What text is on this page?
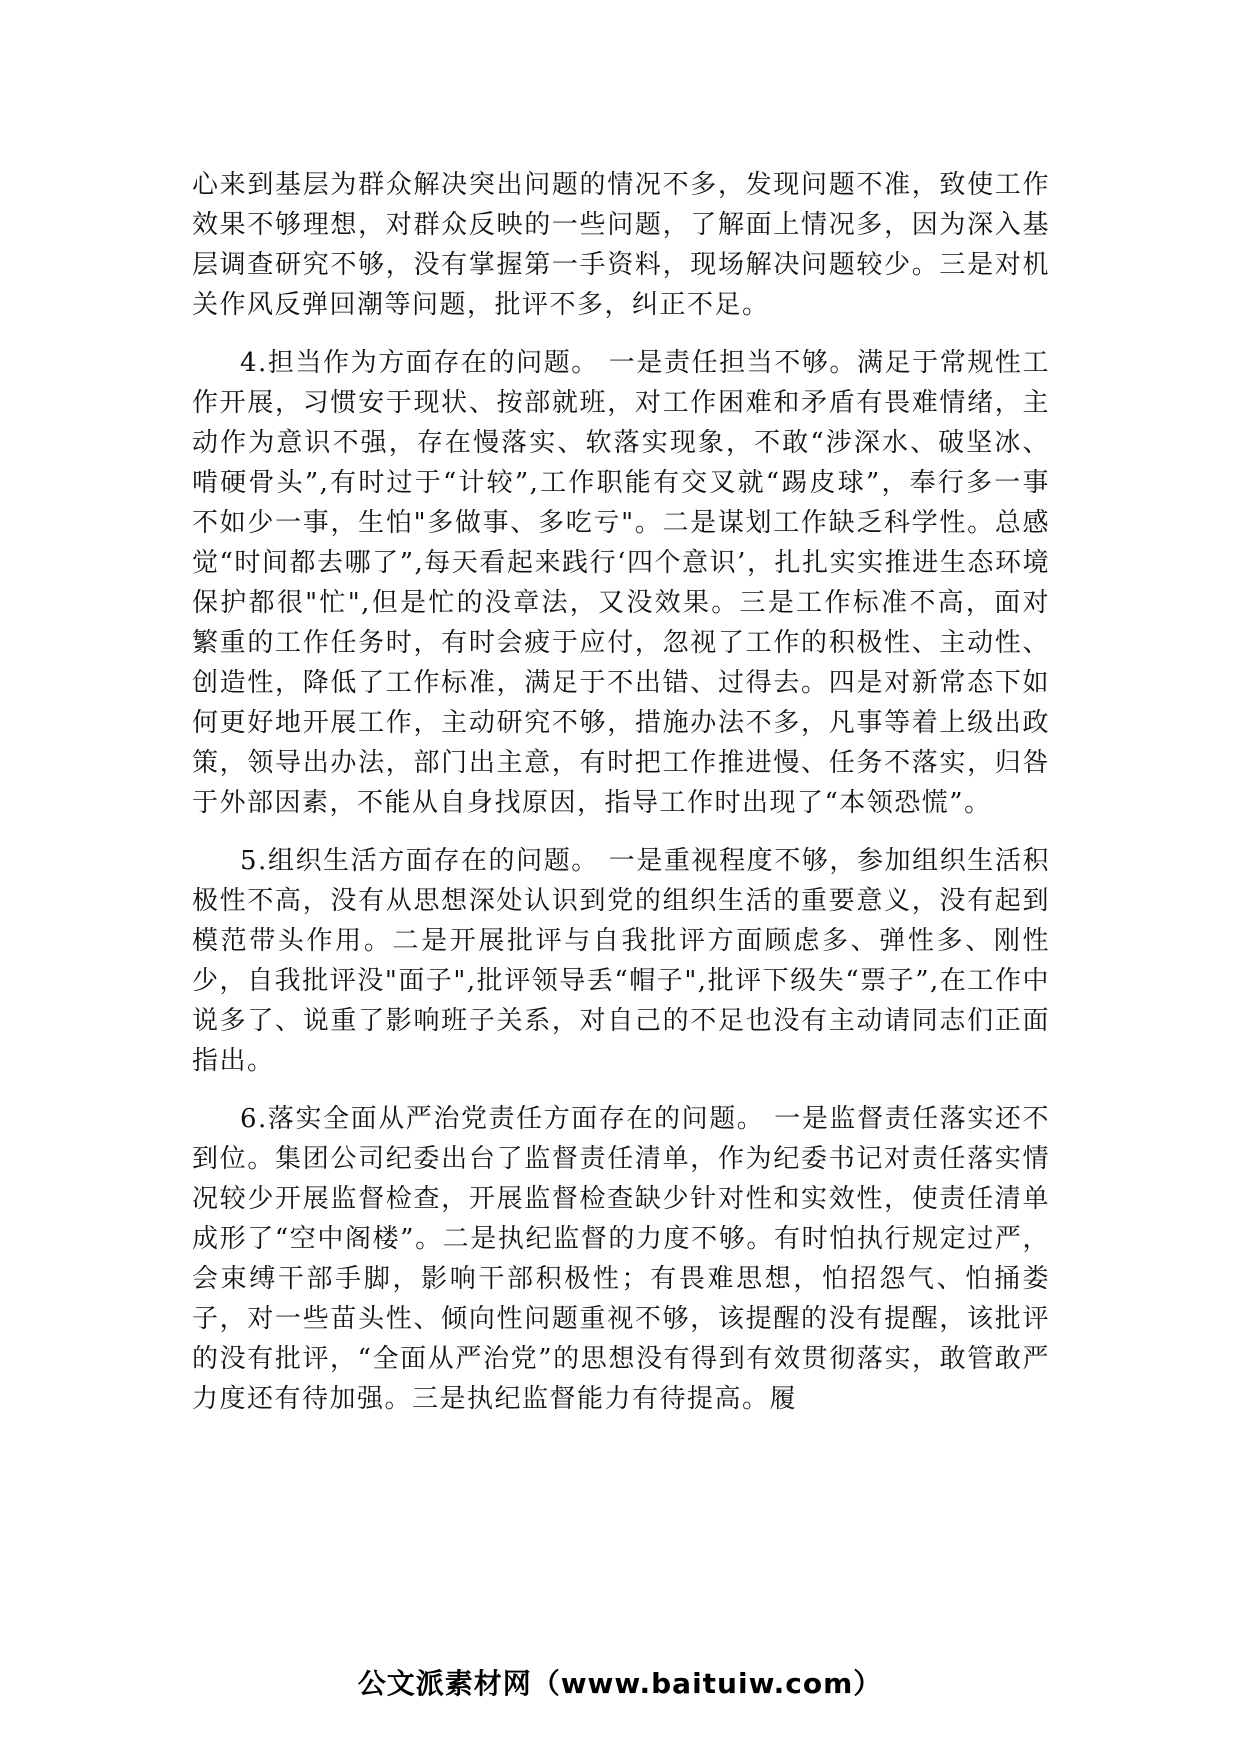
心来到基层为群众解决突出问题的情况不多，发现问题不准，致使工作效果不够理想，对群众反映的一些问题，了解面上情况多，因为深入基层调查研究不够，没有掌握第一手资料，现场解决问题较少。三是对机关作风反弹回潮等问题，批评不多，纠正不足。

4.担当作为方面存在的问题。 一是责任担当不够。满足于常规性工作开展，习惯安于现状、按部就班，对工作困难和矛盾有畏难情绪，主动作为意识不强，存在慢落实、软落实现象，不敢“涉深水、破坚冰、啃硬骨头”,有时过于“计较”,工作职能有交叉就“踢皮球”，奉行多一事不如少一事，生怕"多做事、多吃亏"。二是谋划工作缺乏科学性。总感觉“时间都去哪了”,每天看起来践行‘四个意识’，扎扎实实推进生态环境保护都很"忙",但是忙的没章法，又没效果。三是工作标准不高，面对繁重的工作任务时，有时会疲于应付，忽视了工作的积极性、主动性、创造性，降低了工作标准，满足于不出错、过得去。四是对新常态下如何更好地开展工作，主动研究不够，措施办法不多，凡事等着上级出政策，领导出办法，部门出主意，有时把工作推进慢、任务不落实，归咎于外部因素，不能从自身找原因，指导工作时出现了“本领恐慌”。

5.组织生活方面存在的问题。 一是重视程度不够，参加组织生活积极性不高，没有从思想深处认识到党的组织生活的重要意义，没有起到模范带头作用。二是开展批评与自我批评方面顾虑多、弹性多、刚性少，自我批评没"面子",批评领导丢“帽子",批评下级失“票子”,在工作中说多了、说重了影响班子关系，对自己的不足也没有主动请同志们正面指出。

6.落实全面从严治党责任方面存在的问题。 一是监督责任落实还不到位。集团公司纪委出台了监督责任清单，作为纪委书记对责任落实情况较少开展监督检查，开展监督检查缺少针对性和实效性，使责任清单成形了“空中阁楼”。二是执纪监督的力度不够。有时怕执行规定过严，会束缚干部手脚，影响干部积极性；有畏难思想，怕招怨气、怕捅娄子，对一些苗头性、倾向性问题重视不够，该提醒的没有提醒，该批评的没有批评，“全面从严治党”的思想没有得到有效贯彻落实，敢管敢严力度还有待加强。三是执纪监督能力有待提高。履

公文派素材网（www.baituiw.com）
